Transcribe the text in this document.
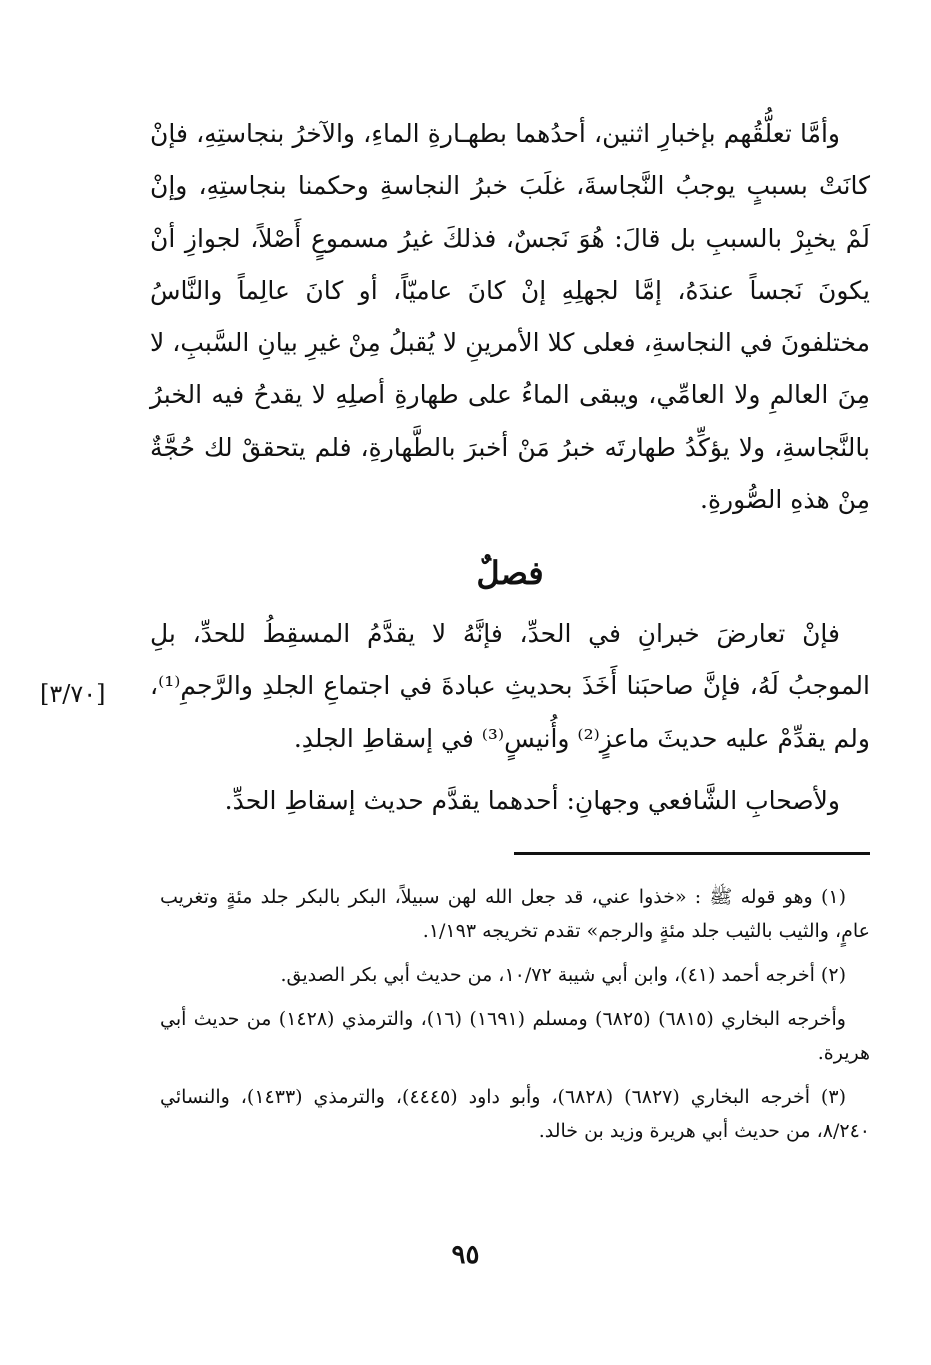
وأمَّا تعلُّقُهم بإخبارِ اثنين، أحدُهما بطهـارةِ الماءِ، والآخرُ بنجاستِهِ، فإنْ كانَتْ بسببٍ يوجبُ النَّجاسةَ، غلَبَ خبرُ النجاسةِ وحكمنا بنجاستِهِ، وإنْ لَمْ يخبِرْ بالسببِ بل قالَ: هُوَ نَجسٌ، فذلكَ غيرُ مسموعٍ أَصْلاً، لجوازِ أنْ يكونَ نَجساً عندَهُ، إمَّا لجهلِهِ إنْ كانَ عاميّاً، أو كانَ عالِماً والنَّاسُ مختلفونَ في النجاسةِ، فعلى كلا الأمرينِ لا يُقبلُ مِنْ غيرِ بيانِ السَّببِ، لا مِنَ العالمِ ولا العامِّي، ويبقى الماءُ على طهارةِ أصلِهِ لا يقدحُ فيه الخبرُ بالنَّجاسةِ، ولا يؤكِّدُ طهارتَه خبرُ مَنْ أخبرَ بالطَّهارةِ، فلم يتحققْ لك حُجَّةٌ مِنْ هذهِ الصُّورةِ.

فصلٌ

فإنْ تعارضَ خبرانِ في الحدِّ، فإنَّهُ لا يقدَّمُ المسقِطُ للحدِّ، بلِ الموجبُ لَهُ، فإنَّ صاحبَنا أَخَذَ بحديثِ عبادةَ في اجتماعِ الجلدِ والرَّجمِ⁽¹⁾، ولم يقدِّمْ عليه حديثَ ماعزٍ⁽²⁾ وأُنيسٍ⁽³⁾ في إسقاطِ الجلدِ.

ولأصحابِ الشَّافعي وجهانِ: أحدهما يقدَّم حديث إسقاطِ الحدِّ.

[٣/٧٠]

(١) وهو قوله ﷺ : «خذوا عني، قد جعل الله لهن سبيلاً، البكر بالبكر جلد مئةٍ وتغريب عامٍ، والثيب بالثيب جلد مئةٍ والرجم» تقدم تخريجه ١/١٩٣.

(٢) أخرجه أحمد (٤١)، وابن أبي شيبة ١٠/٧٢، من حديث أبي بكر الصديق.

وأخرجه البخاري (٦٨١٥) (٦٨٢٥) ومسلم (١٦٩١) (١٦)، والترمذي (١٤٢٨) من حديث أبي هريرة.

(٣) أخرجه البخاري (٦٨٢٧) (٦٨٢٨)، وأبو داود (٤٤٤٥)، والترمذي (١٤٣٣)، والنسائي ٨/٢٤٠، من حديث أبي هريرة وزيد بن خالد.

٩٥
